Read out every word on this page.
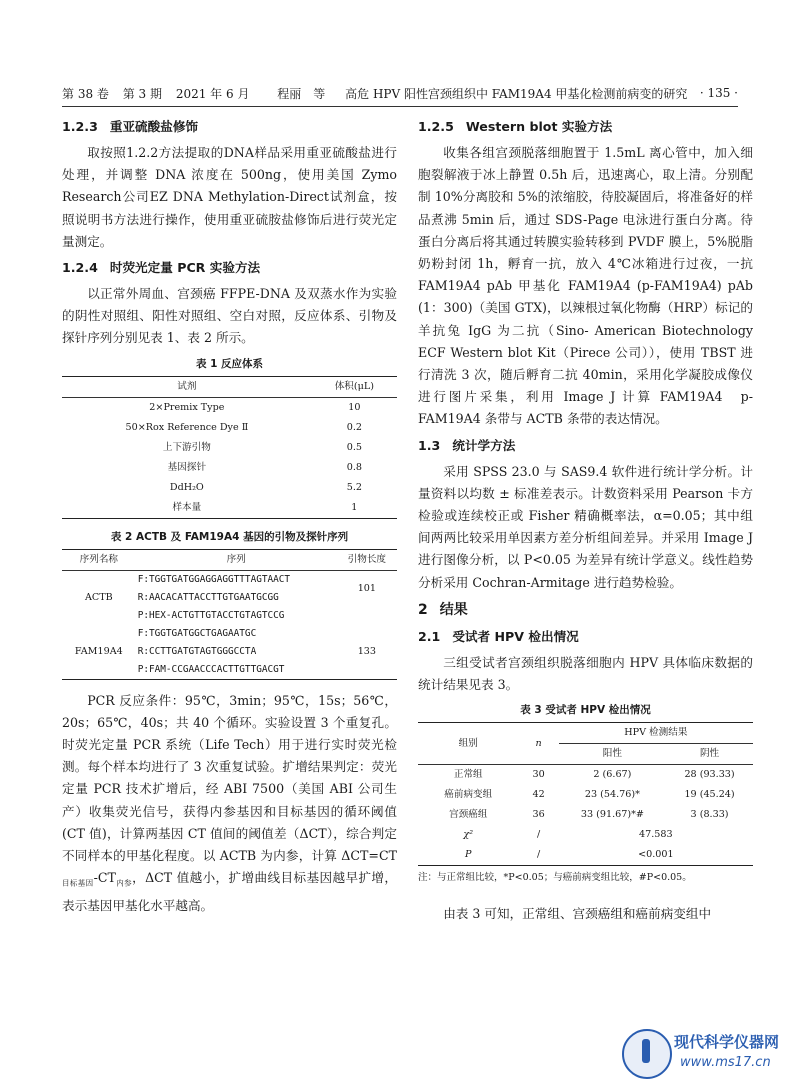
第 38 卷 第 3 期 2021 年 6 月 程丽　等 高危 HPV 阳性宫颈组织中 FAM19A4 甲基化检测前病变的研究	· 135 ·
1.2.3 重亚硫酸盐修饰

取按照1.2.2方法提取的DNA样品采用重亚硫酸盐进行处理，并调整 DNA 浓度在 500ng，使用美国 Zymo Research公司EZ DNA Methylation-Direct试剂盒，按照说明书方法进行操作，使用重亚硫胺盐修饰后进行荧光定量测定。

1.2.4 时荧光定量 PCR 实验方法

以正常外周血、宫颈癌 FFPE-DNA 及双蒸水作为实验的阴性对照组、阳性对照组、空白对照，反应体系、引物及探针序列分别见表 1、表 2 所示。

表 1 反应体系
试剂	体积(μL)
2×Premix Type	10
50×Rox Reference Dye Ⅱ	0.2
上下游引物	0.5
基因探针	0.8
DdH₂O	5.2
样本量	1
表 2 ACTB 及 FAM19A4 基因的引物及探针序列
序列名称	序列	引物长度
ACTB	F:TGGTGATGGAGGAGGTTTAGTAACT	101
	R:AACACATTACCTTGTGAATGCGG	
	P:HEX-ACTGTTGTACCTGTAGTCCG	
FAM19A4	F:TGGTGATGGCTGAGAATGC	133
	R:CCTTGATGTAGTGGGCCTA	
	P:FAM-CCGAACCCACTTGTTGACGT	

PCR 反应条件：95℃，3min；95℃，15s；56℃，20s；65℃，40s；共 40 个循环。实验设置 3 个重复孔。时荧光定量 PCR 系统（Life Tech）用于进行实时荧光检测。每个样本均进行了 3 次重复试验。扩增结果判定：荧光定量 PCR 技术扩增后，经 ABI 7500（美国 ABI 公司生产）收集荧光信号，获得内参基因和目标基因的循环阈值(CT 值)，计算两基因 CT 值间的阈值差（ΔCT），综合判定不同样本的甲基化程度。以 ACTB 为内参，计算 $\Delta CT=CT_{目标基因}-CT_{内参}$，ΔCT 值越小，扩增曲线目标基因越早扩增，表示基因甲基化水平越高。

1.2.5 Western blot 实验方法

收集各组宫颈脱落细胞置于 1.5mL 离心管中，加入细胞裂解液于冰上静置 0.5h 后，迅速离心，取上清。分别配制 10%分离胶和 5%的浓缩胶，待胶凝固后，将准备好的样品煮沸 5min 后，通过 SDS-Page 电泳进行蛋白分离。待蛋白分离后将其通过转膜实验转移到 PVDF 膜上，5%脱脂奶粉封闭 1h，孵育一抗，放入 4℃冰箱进行过夜，一抗 FAM19A4 pAb 甲基化 FAM19A4 (p-FAM19A4) pAb (1：300)（美国 GTX)，以辣根过氧化物酶（HRP）标记的羊抗兔 IgG 为二抗（Sino- American Biotechnology ECF Western blot Kit（Pirece 公司）），使用 TBST 进行清洗 3 次，随后孵育二抗 40min，采用化学凝胶成像仪进行图片采集，利用 Image J 计算 FAM19A4　p- FAM19A4 条带与 ACTB 条带的表达情况。

1.3 统计学方法

采用 SPSS 23.0 与 SAS9.4 软件进行统计学分析。计量资料以均数 ± 标准差表示。计数资料采用 Pearson 卡方检验或连续校正或 Fisher 精确概率法，α=0.05；其中组间两两比较采用单因素方差分析组间差异。并采用 Image J 进行图像分析，以 P<0.05 为差异有统计学意义。线性趋势分析采用 Cochran-Armitage 进行趋势检验。

2 结果
2.1 受试者 HPV 检出情况

三组受试者宫颈组织脱落细胞内 HPV 具体临床数据的统计结果见表 3。

表 3 受试者 HPV 检出情况
组别	n	HPV 检测结果	
		阳性	阴性
正常组	30	2 (6.67)	28 (93.33)
癌前病变组	42	23 (54.76)*	19 (45.24)
宫颈癌组	36	33 (91.67)*#	3 (8.33)
χ²	/	47.583	
P	/	<0.001	
注：与正常组比较，*P<0.05；与癌前病变组比较，#P<0.05。

由表 3 可知，正常组、宫颈癌组和癌前病变组中

现代科学仪器网
www.ms17.cn
